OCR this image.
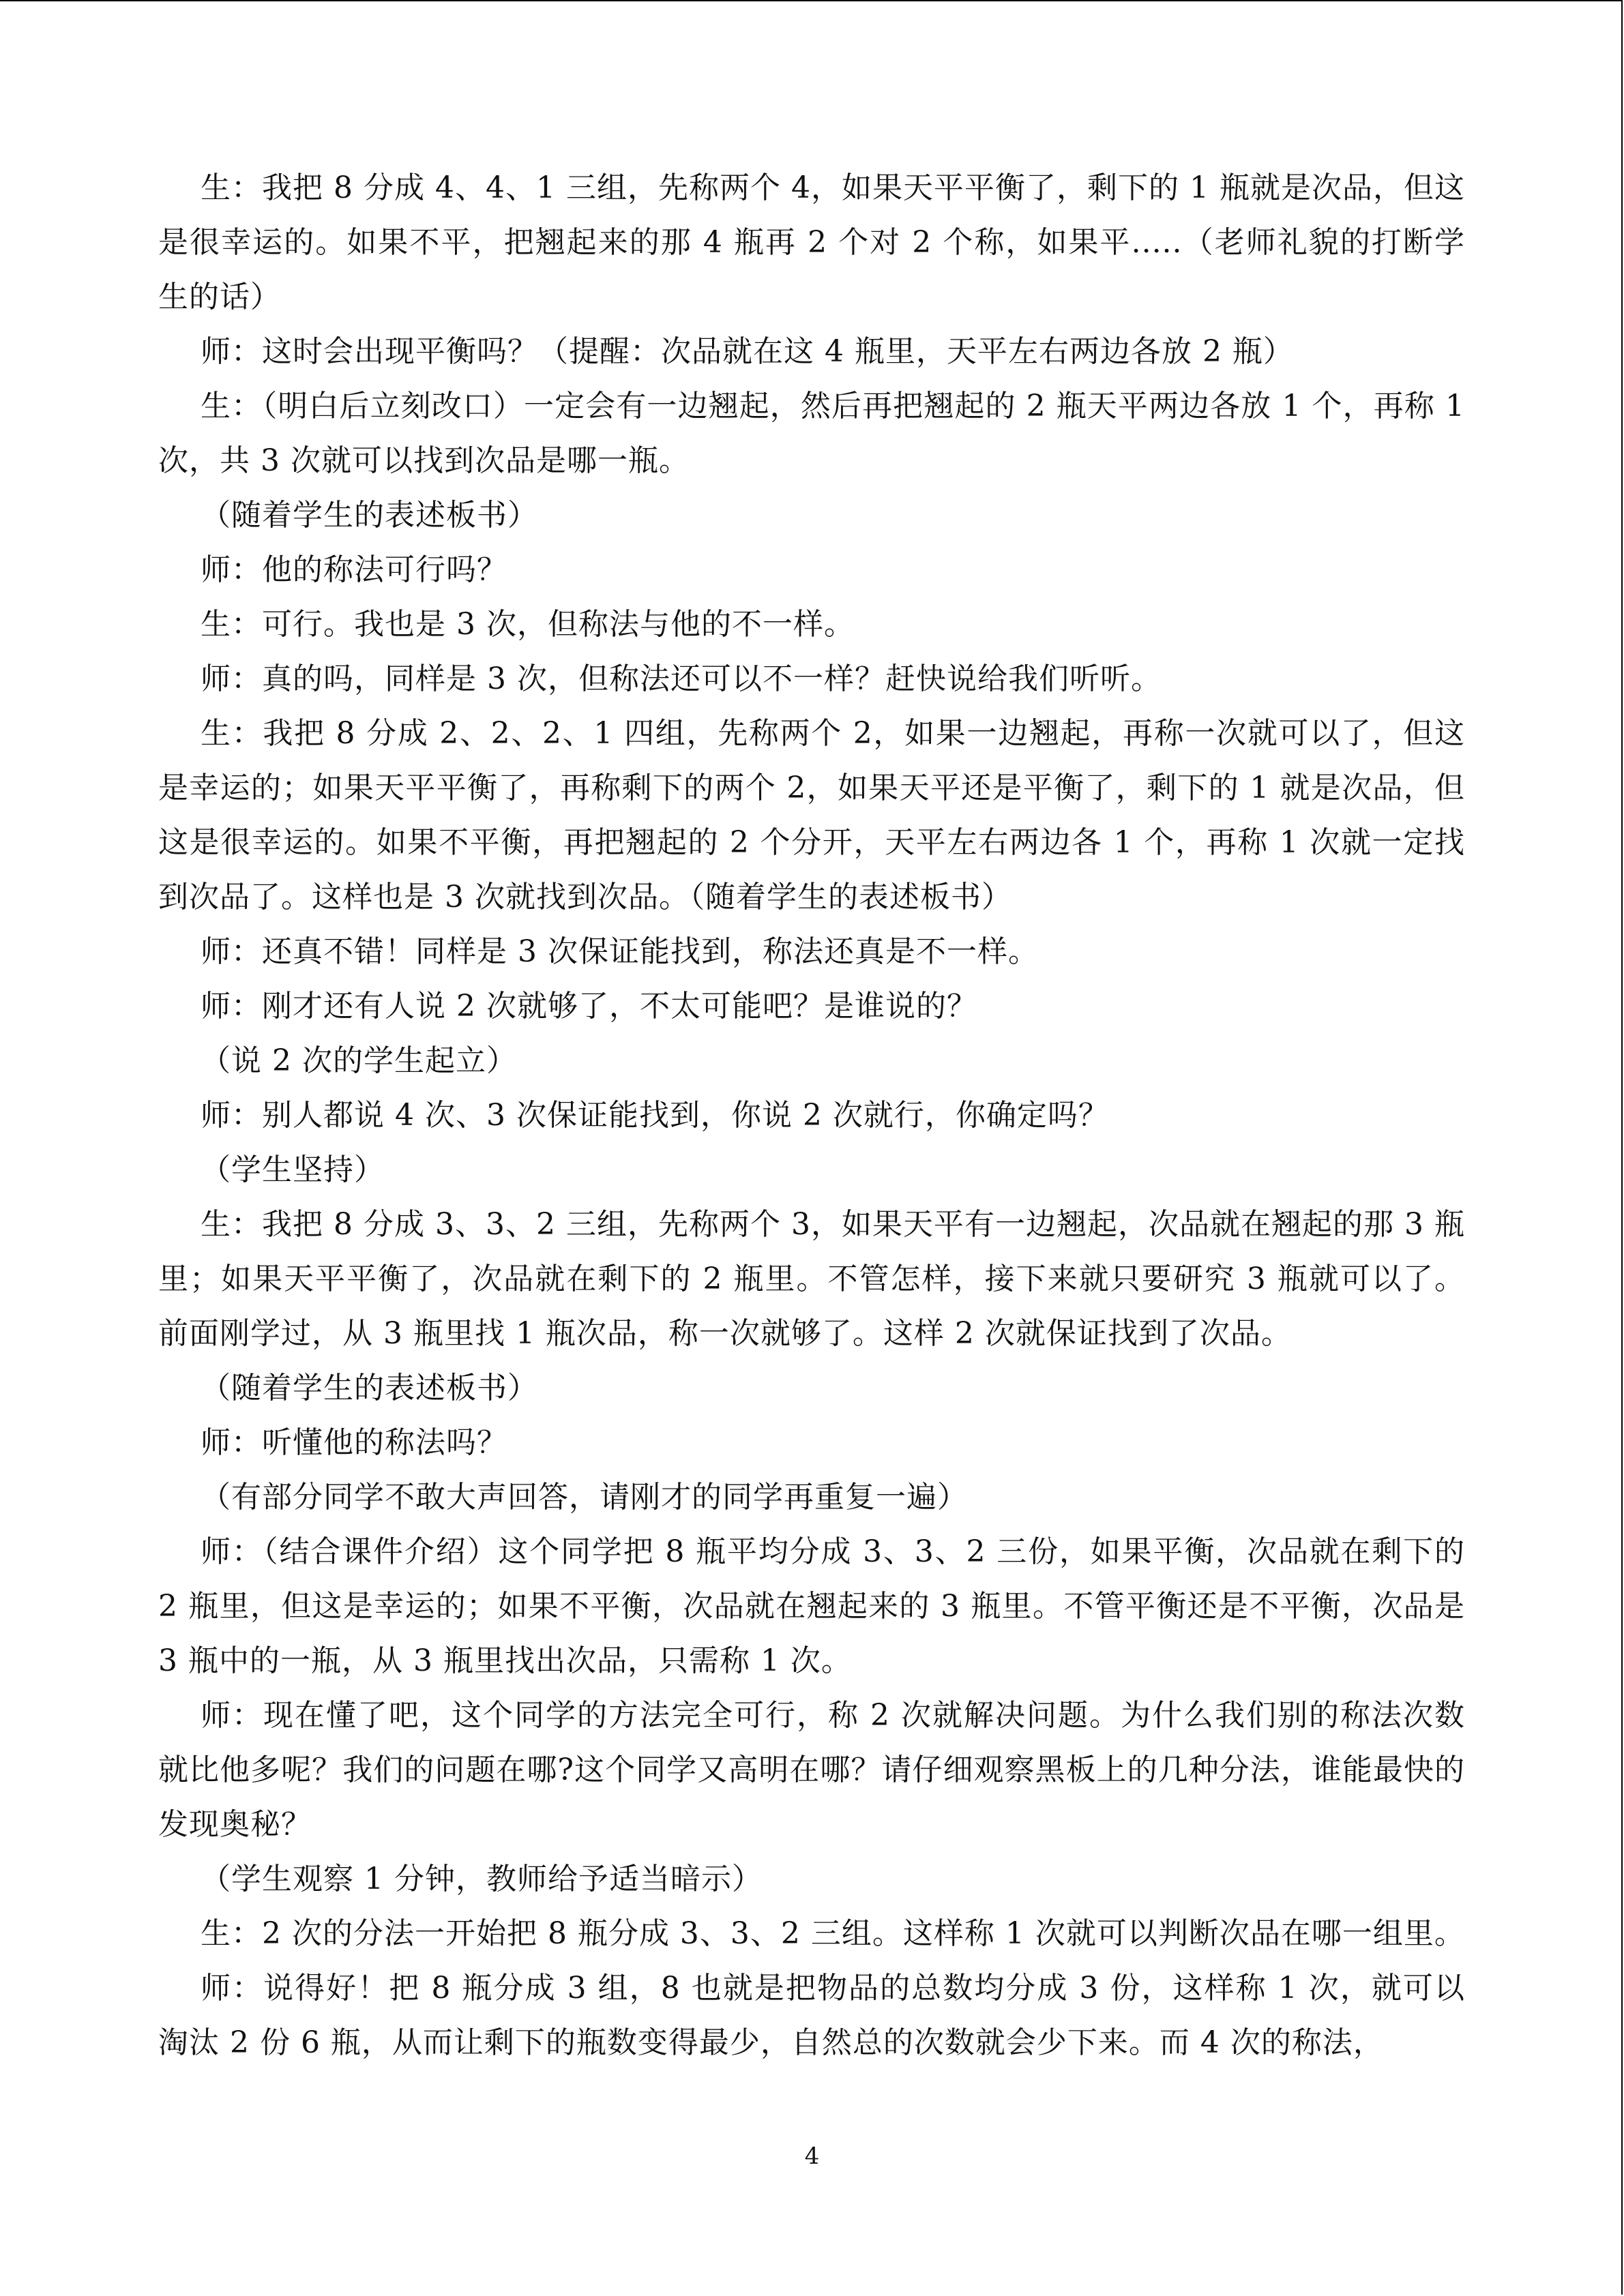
生：我把 8 分成 4、4、1 三组，先称两个 4，如果天平平衡了，剩下的 1 瓶就是次品，但这是很幸运的。如果不平，把翘起来的那 4 瓶再 2 个对 2 个称，如果平.....（老师礼貌的打断学生的话）

师：这时会出现平衡吗？（提醒：次品就在这 4 瓶里，天平左右两边各放 2 瓶）

生：（明白后立刻改口）一定会有一边翘起，然后再把翘起的 2 瓶天平两边各放 1 个，再称 1 次，共 3 次就可以找到次品是哪一瓶。

（随着学生的表述板书）

师：他的称法可行吗？

生：可行。我也是 3 次，但称法与他的不一样。

师：真的吗，同样是 3 次，但称法还可以不一样？赶快说给我们听听。

生：我把 8 分成 2、2、2、1 四组，先称两个 2，如果一边翘起，再称一次就可以了，但这是幸运的；如果天平平衡了，再称剩下的两个 2，如果天平还是平衡了，剩下的 1 就是次品，但这是很幸运的。如果不平衡，再把翘起的 2 个分开，天平左右两边各 1 个，再称 1 次就一定找到次品了。这样也是 3 次就找到次品。（随着学生的表述板书）

师：还真不错！同样是 3 次保证能找到，称法还真是不一样。

师：刚才还有人说 2 次就够了，不太可能吧？是谁说的？

（说 2 次的学生起立）

师：别人都说 4 次、3 次保证能找到，你说 2 次就行，你确定吗？

（学生坚持）

生：我把 8 分成 3、3、2 三组，先称两个 3，如果天平有一边翘起，次品就在翘起的那 3 瓶里；如果天平平衡了，次品就在剩下的 2 瓶里。不管怎样，接下来就只要研究 3 瓶就可以了。前面刚学过，从 3 瓶里找 1 瓶次品，称一次就够了。这样 2 次就保证找到了次品。

（随着学生的表述板书）

师：听懂他的称法吗？

（有部分同学不敢大声回答，请刚才的同学再重复一遍）

师：（结合课件介绍）这个同学把 8 瓶平均分成 3、3、2 三份，如果平衡，次品就在剩下的 2 瓶里，但这是幸运的；如果不平衡，次品就在翘起来的 3 瓶里。不管平衡还是不平衡，次品是 3 瓶中的一瓶，从 3 瓶里找出次品，只需称 1 次。

师：现在懂了吧，这个同学的方法完全可行，称 2 次就解决问题。为什么我们别的称法次数就比他多呢？我们的问题在哪?这个同学又高明在哪？请仔细观察黑板上的几种分法，谁能最快的发现奥秘？

（学生观察 1 分钟，教师给予适当暗示）

生：2 次的分法一开始把 8 瓶分成 3、3、2 三组。这样称 1 次就可以判断次品在哪一组里。

师：说得好！把 8 瓶分成 3 组，8 也就是把物品的总数均分成 3 份，这样称 1 次，就可以淘汰 2 份 6 瓶，从而让剩下的瓶数变得最少，自然总的次数就会少下来。而 4 次的称法，

4
